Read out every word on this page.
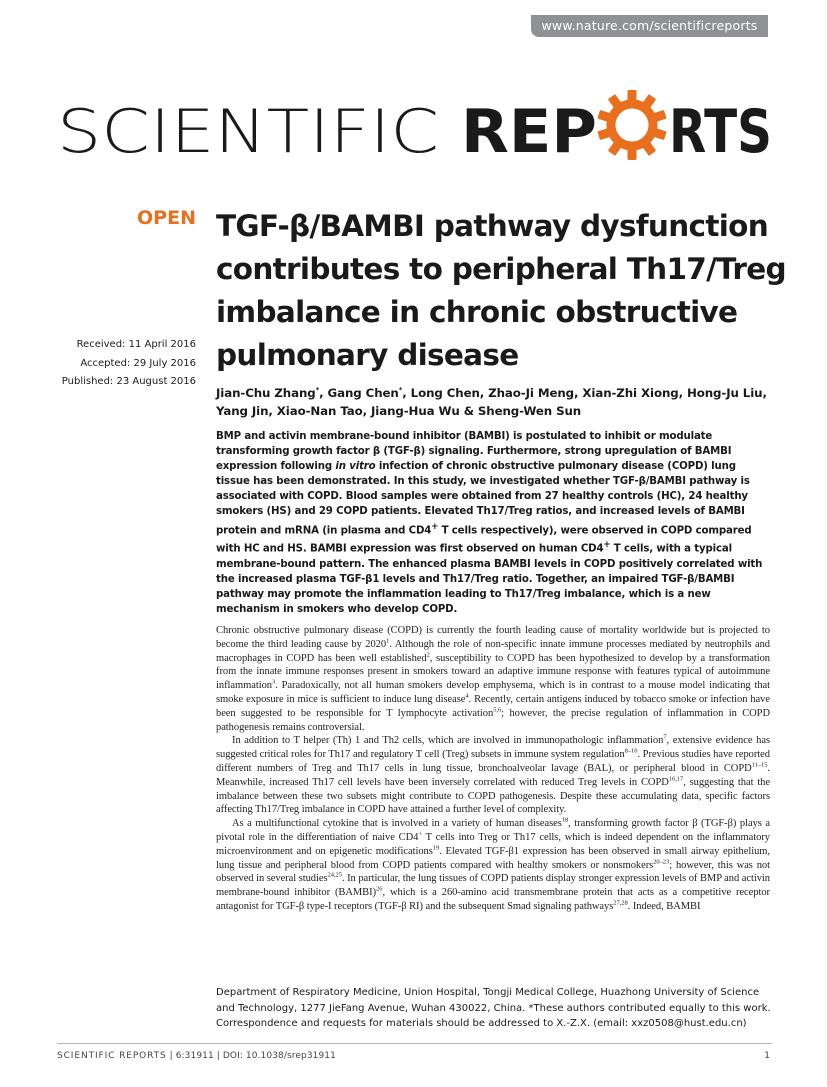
www.nature.com/scientificreports
SCIENTIFIC REP RTS
OPEN TGF-β/BAMBI pathway dysfunction contributes to peripheral Th17/Treg imbalance in chronic obstructive pulmonary disease
Received: 11 April 2016
Accepted: 29 July 2016
Published: 23 August 2016
Jian-Chu Zhang*, Gang Chen*, Long Chen, Zhao-Ji Meng, Xian-Zhi Xiong, Hong-Ju Liu, Yang Jin, Xiao-Nan Tao, Jiang-Hua Wu & Sheng-Wen Sun

BMP and activin membrane-bound inhibitor (BAMBI) is postulated to inhibit or modulate transforming growth factor β (TGF-β) signaling. Furthermore, strong upregulation of BAMBI expression following in vitro infection of chronic obstructive pulmonary disease (COPD) lung tissue has been demonstrated. In this study, we investigated whether TGF-β/BAMBI pathway is associated with COPD. Blood samples were obtained from 27 healthy controls (HC), 24 healthy smokers (HS) and 29 COPD patients. Elevated Th17/Treg ratios, and increased levels of BAMBI protein and mRNA (in plasma and CD4+ T cells respectively), were observed in COPD compared with HC and HS. BAMBI expression was first observed on human CD4+ T cells, with a typical membrane-bound pattern. The enhanced plasma BAMBI levels in COPD positively correlated with the increased plasma TGF-β1 levels and Th17/Treg ratio. Together, an impaired TGF-β/BAMBI pathway may promote the inflammation leading to Th17/Treg imbalance, which is a new mechanism in smokers who develop COPD.

Chronic obstructive pulmonary disease (COPD) is currently the fourth leading cause of mortality worldwide but is projected to become the third leading cause by 2020$^1$. Although the role of non-specific innate immune processes mediated by neutrophils and macrophages in COPD has been well established$^2$, susceptibility to COPD has been hypothesized to develop by a transformation from the innate immune responses present in smokers toward an adaptive immune response with features typical of autoimmune inflammation$^3$. Paradoxically, not all human smokers develop emphysema, which is in contrast to a mouse model indicating that smoke exposure in mice is sufficient to induce lung disease$^4$. Recently, certain antigens induced by tobacco smoke or infection have been suggested to be responsible for T lymphocyte activation$^{5,6}$; however, the precise regulation of inflammation in COPD pathogenesis remains controversial.

In addition to T helper (Th) 1 and Th2 cells, which are involved in immunopathologic inflammation$^7$, extensive evidence has suggested critical roles for Th17 and regulatory T cell (Treg) subsets in immune system regulation$^{8-10}$. Previous studies have reported different numbers of Treg and Th17 cells in lung tissue, bronchoalveolar lavage (BAL), or peripheral blood in COPD$^{11-15}$. Meanwhile, increased Th17 cell levels have been inversely correlated with reduced Treg levels in COPD$^{16,17}$, suggesting that the imbalance between these two subsets might contribute to COPD pathogenesis. Despite these accumulating data, specific factors affecting Th17/Treg imbalance in COPD have attained a further level of complexity.

As a multifunctional cytokine that is involved in a variety of human diseases$^{18}$, transforming growth factor β (TGF-β) plays a pivotal role in the differentiation of naive CD4+ T cells into Treg or Th17 cells, which is indeed dependent on the inflammatory microenvironment and on epigenetic modifications$^{19}$. Elevated TGF-β1 expression has been observed in small airway epithelium, lung tissue and peripheral blood from COPD patients compared with healthy smokers or nonsmokers$^{20-23}$; however, this was not observed in several studies$^{24,25}$. In particular, the lung tissues of COPD patients display stronger expression levels of BMP and activin membrane-bound inhibitor (BAMBI)$^{26}$, which is a 260-amino acid transmembrane protein that acts as a competitive receptor antagonist for TGF-β type-I receptors (TGF-β RI) and the subsequent Smad signaling pathways$^{27,28}$. Indeed, BAMBI

Department of Respiratory Medicine, Union Hospital, Tongji Medical College, Huazhong University of Science and Technology, 1277 JieFang Avenue, Wuhan 430022, China. *These authors contributed equally to this work. Correspondence and requests for materials should be addressed to X.-Z.X. (email: xxz0508@hust.edu.cn)

SCIENTIFIC REPORTS | 6:31911 | DOI: 10.1038/srep31911	1
